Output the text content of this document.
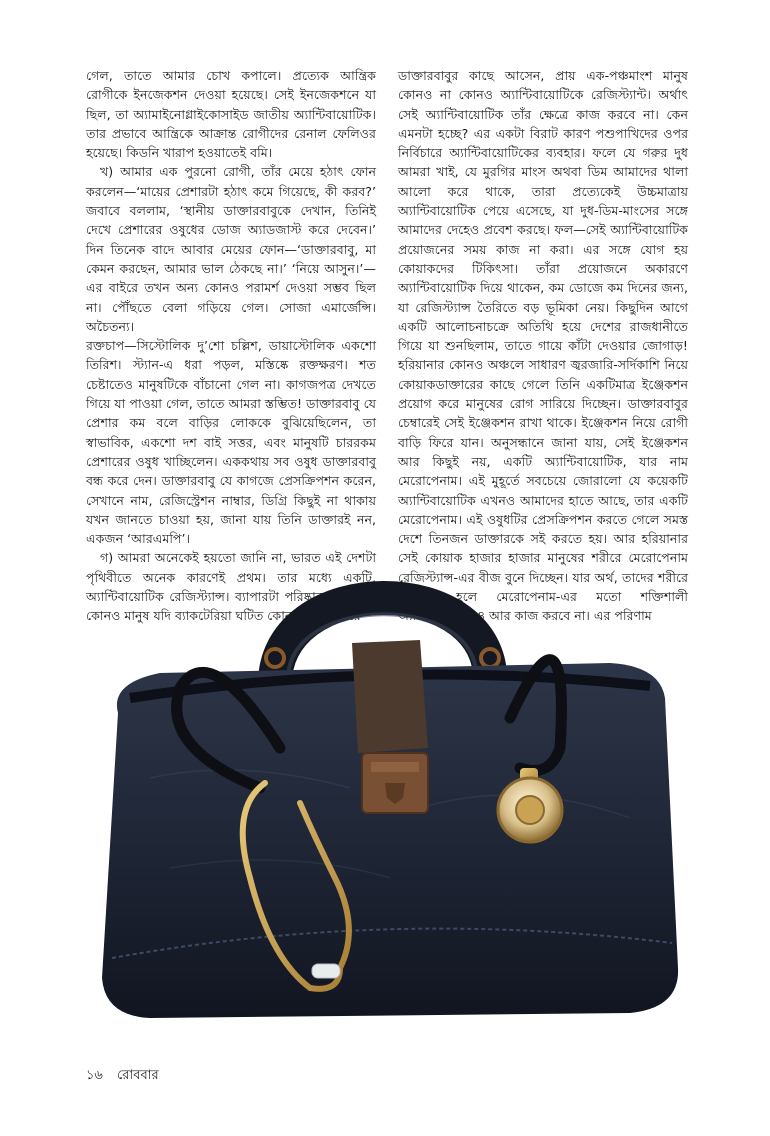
গেল, তাতে আমার চোখ কপালে। প্রত্যেক আন্ত্রিক রোগীকে ইনজেকশন দেওয়া হয়েছে। সেই ইনজেকশনে যা ছিল, তা অ্যামাইনোগ্লাইকোসাইড জাতীয় অ্যান্টিবায়োটিক। তার প্রভাবে আন্ত্রিকে আক্রান্ত রোগীদের রেনাল ফেলিওর হয়েছে। কিডনি খারাপ হওয়াতেই বমি।

খ) আমার এক পুরনো রোগী, তাঁর মেয়ে হঠাৎ ফোন করলেন—‘মায়ের প্রেশারটা হঠাৎ কমে গিয়েছে, কী করব?’ জবাবে বললাম, ‘স্থানীয় ডাক্তারবাবুকে দেখান, তিনিই দেখে প্রেশারের ওষুধের ডোজ অ্যাডজাস্ট করে দেবেন।’ দিন তিনেক বাদে আবার মেয়ের ফোন—‘ডাক্তারবাবু, মা কেমন করছেন, আমার ভাল ঠেকছে না।’ ‘নিয়ে আসুন।’—এর বাইরে তখন অন্য কোনও পরামর্শ দেওয়া সম্ভব ছিল না। পৌঁছতে বেলা গড়িয়ে গেল। সোজা এমার্জেন্সি। অচৈতন্য।

রক্তচাপ—সিস্টোলিক দু’শো চল্লিশ, ডায়াস্টোলিক একশো তিরিশ। স্ট্যান-এ ধরা পড়ল, মস্তিষ্কে রক্তক্ষরণ। শত চেষ্টাতেও মানুষটিকে বাঁচানো গেল না। কাগজপত্র দেখতে গিয়ে যা পাওয়া গেল, তাতে আমরা স্তম্ভিত! ডাক্তারবাবু যে প্রেশার কম বলে বাড়ির লোককে বুঝিয়েছিলেন, তা স্বাভাবিক, একশো দশ বাই সত্তর, এবং মানুষটি চাররকম প্রেশারের ওষুধ খাচ্ছিলেন। এককথায় সব ওষুধ ডাক্তারবাবু বন্ধ করে দেন। ডাক্তারবাবু যে কাগজে প্রেসক্রিপশন করেন, সেখানে নাম, রেজিস্ট্রেশন নাম্বার, ডিগ্রি কিছুই না থাকায় যখন জানতে চাওয়া হয়, জানা যায় তিনি ডাক্তারই নন, একজন ‘আরএমপি’।

গ) আমরা অনেকেই হয়তো জানি না, ভারত এই দেশটা পৃথিবীতে অনেক কারণেই প্রথম। তার মধ্যে একটি, অ্যান্টিবায়োটিক রেজিস্ট্যান্স। ব্যাপারটা পরিষ্কার করে দিই। কোনও মানুষ যদি ব্যাকটেরিয়া ঘটিত কোনও অসুখ নিয়ে

ডাক্তারবাবুর কাছে আসেন, প্রায় এক-পঞ্চমাংশ মানুষ কোনও না কোনও অ্যান্টিবায়োটিকে রেজিস্ট্যান্ট। অর্থাৎ সেই অ্যান্টিবায়োটিক তাঁর ক্ষেত্রে কাজ করবে না। কেন এমনটা হচ্ছে? এর একটা বিরাট কারণ পশুপাখিদের ওপর নির্বিচারে অ্যান্টিবায়োটিকের ব্যবহার। ফলে যে গরুর দুধ আমরা খাই, যে মুরগির মাংস অথবা ডিম আমাদের থালা আলো করে থাকে, তারা প্রত্যেকেই উচ্চমাত্রায় অ্যান্টিবায়োটিক পেয়ে এসেছে, যা দুধ-ডিম-মাংসের সঙ্গে আমাদের দেহেও প্রবেশ করছে। ফল—সেই অ্যান্টিবায়োটিক প্রয়োজনের সময় কাজ না করা। এর সঙ্গে যোগ হয় কোয়াকদের টিকিৎসা। তাঁরা প্রয়োজনে অকারণে অ্যান্টিবায়োটিক দিয়ে থাকেন, কম ডোজে কম দিনের জন্য, যা রেজিস্ট্যান্স তৈরিতে বড় ভূমিকা নেয়। কিছুদিন আগে একটি আলোচনাচক্রে অতিথি হয়ে দেশের রাজধানীতে গিয়ে যা শুনছিলাম, তাতে গায়ে কাঁটা দেওয়ার জোগাড়! হরিয়ানার কোনও অঞ্চলে সাধারণ জ্বরজারি-সর্দিকাশি নিয়ে কোয়াকডাক্তারের কাছে গেলে তিনি একটিমাত্র ইঞ্জেকশন প্রয়োগ করে মানুষের রোগ সারিয়ে দিচ্ছেন। ডাক্তারবাবুর চেম্বারেই সেই ইঞ্জেকশন রাখা থাকে। ইঞ্জেকশন নিয়ে রোগী বাড়ি ফিরে যান। অনুসন্ধানে জানা যায়, সেই ইঞ্জেকশন আর কিছুই নয়, একটি অ্যান্টিবায়োটিক, যার নাম মেরোপেনাম। এই মুহূর্তে সবচেয়ে জোরালো যে কয়েকটি অ্যান্টিবায়োটিক এখনও আমাদের হাতে আছে, তার একটি মেরোপেনাম। এই ওষুধটির প্রেসক্রিপশন করতে গেলে সমস্ত দেশে তিনজন ডাক্তারকে সই করতে হয়। আর হরিয়ানার সেই কোয়াক হাজার হাজার মানুষের শরীরে মেরোপেনাম রেজিস্ট্যান্স-এর বীজ বুনে দিচ্ছেন। যার অর্থ, তাদের শরীরে সংক্রমণ হলে মেরোপেনাম-এর মতো শক্তিশালী অ্যান্টিবায়োটিকও আর কাজ করবে না। এর পরিণাম

১৬ রোববার
